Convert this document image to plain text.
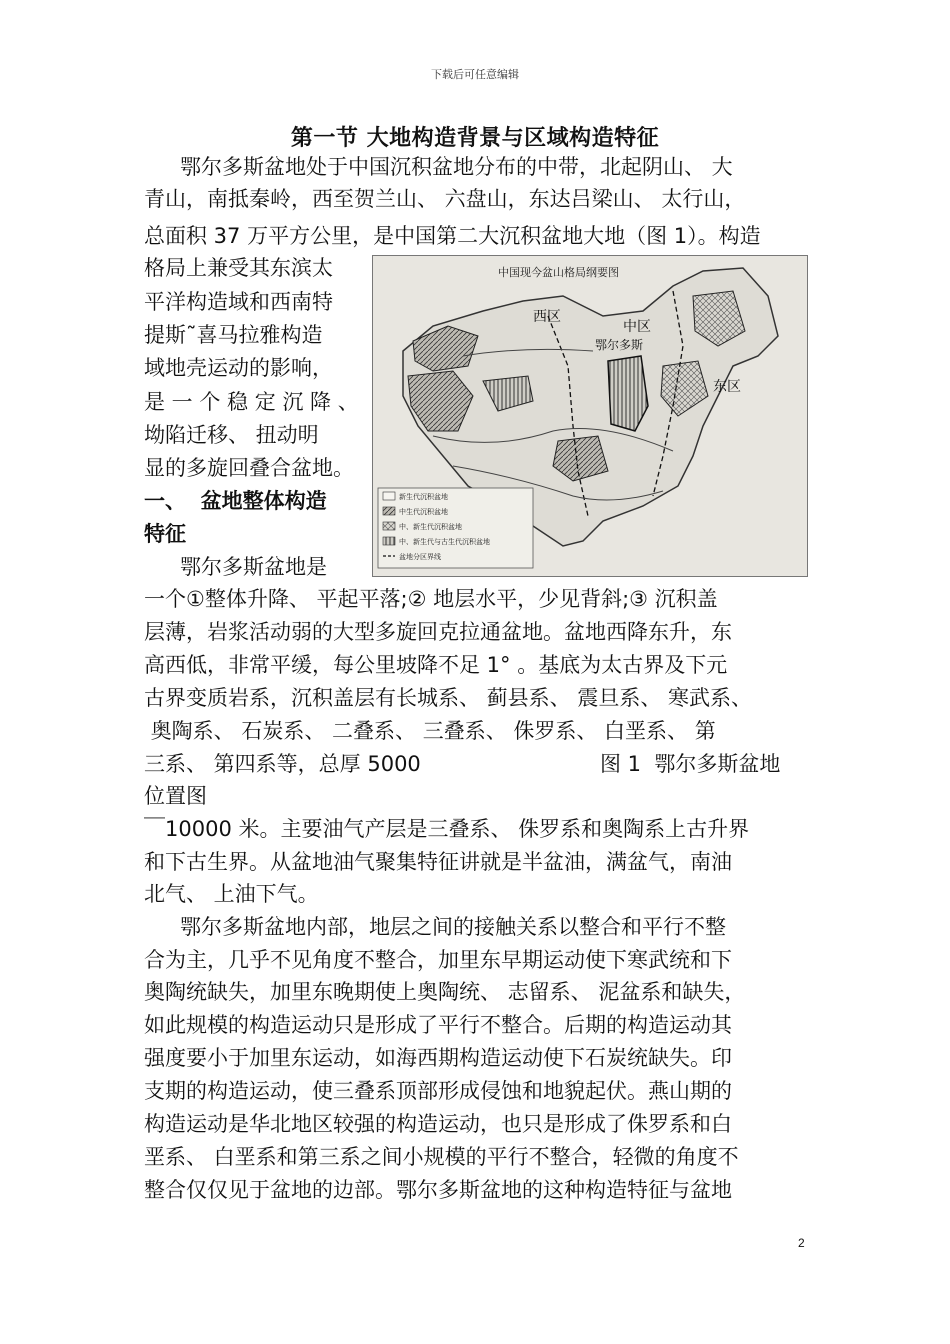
下载后可任意编辑
第一节 大地构造背景与区域构造特征
鄂尔多斯盆地处于中国沉积盆地分布的中带，北起阴山、 大
青山，南抵秦岭，西至贺兰山、 六盘山，东达吕梁山、 太行山，
总面积 37 万平方公里，是中国第二大沉积盆地大地（图 1）。构造
格局上兼受其东滨太
平洋构造域和西南特
提斯˜喜马拉雅构造
域地壳运动的影响，
是 一 个 稳 定 沉 降 、
坳陷迁移、 扭动明
显的多旋回叠合盆地。
一、  盆地整体构造
特征
鄂尔多斯盆地是
中国现今盆山格局纲要图
西区
中区
鄂尔多斯
东区
新生代沉积盆地
中生代沉积盆地
中、新生代沉积盆地
中、新生代与古生代沉积盆地
盆地分区界线
一个①整体升降、 平起平落;② 地层水平，少见背斜;③ 沉积盖
层薄，岩浆活动弱的大型多旋回克拉通盆地。盆地西降东升，东
高西低，非常平缓，每公里坡降不足 1° 。基底为太古界及下元
古界变质岩系，沉积盖层有长城系、 蓟县系、 震旦系、 寒武系、
奥陶系、 石炭系、 二叠系、 三叠系、 侏罗系、 白垩系、 第
三系、 第四系等，总厚 5000	图 1  鄂尔多斯盆地
位置图
￣10000 米。主要油气产层是三叠系、 侏罗系和奥陶系上古升界
和下古生界。从盆地油气聚集特征讲就是半盆油，满盆气，南油
北气、 上油下气。
鄂尔多斯盆地内部，地层之间的接触关系以整合和平行不整
合为主，几乎不见角度不整合，加里东早期运动使下寒武统和下
奥陶统缺失，加里东晚期使上奥陶统、 志留系、 泥盆系和缺失，
如此规模的构造运动只是形成了平行不整合。后期的构造运动其
强度要小于加里东运动，如海西期构造运动使下石炭统缺失。印
支期的构造运动，使三叠系顶部形成侵蚀和地貌起伏。燕山期的
构造运动是华北地区较强的构造运动，也只是形成了侏罗系和白
垩系、 白垩系和第三系之间小规模的平行不整合，轻微的角度不
整合仅仅见于盆地的边部。鄂尔多斯盆地的这种构造特征与盆地
2
